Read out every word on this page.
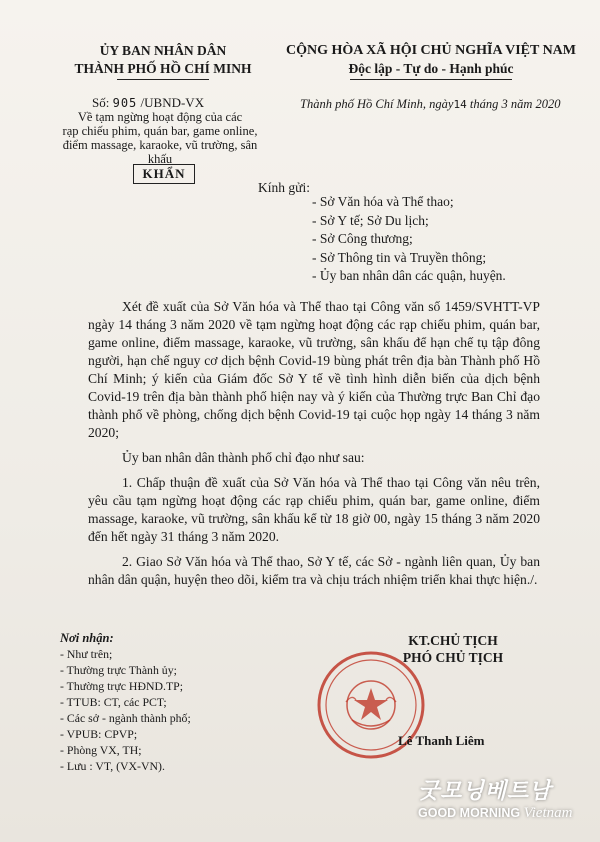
ỦY BAN NHÂN DÂN
THÀNH PHỐ HỒ CHÍ MINH
CỘNG HÒA XÃ HỘI CHỦ NGHĨA VIỆT NAM
Độc lập - Tự do - Hạnh phúc
Số: 905 /UBND-VX
Về tạm ngừng hoạt động của các
rạp chiếu phim, quán bar, game online,
điểm massage, karaoke, vũ trường, sân khấu
Thành phố Hồ Chí Minh, ngày14 tháng 3 năm 2020
KHẨN
Kính gửi:
- Sở Văn hóa và Thể thao;
- Sở Y tế; Sở Du lịch;
- Sở Công thương;
- Sở Thông tin và Truyền thông;
- Ủy ban nhân dân các quận, huyện.

Xét đề xuất của Sở Văn hóa và Thể thao tại Công văn số 1459/SVHTT-VP ngày 14 tháng 3 năm 2020 về tạm ngừng hoạt động các rạp chiếu phim, quán bar, game online, điểm massage, karaoke, vũ trường, sân khấu để hạn chế tụ tập đông người, hạn chế nguy cơ dịch bệnh Covid-19 bùng phát trên địa bàn Thành phố Hồ Chí Minh; ý kiến của Giám đốc Sở Y tế về tình hình diễn biến của dịch bệnh Covid-19 trên địa bàn thành phố hiện nay và ý kiến của Thường trực Ban Chỉ đạo thành phố về phòng, chống dịch bệnh Covid-19 tại cuộc họp ngày 14 tháng 3 năm 2020;

Ủy ban nhân dân thành phố chỉ đạo như sau:

1. Chấp thuận đề xuất của Sở Văn hóa và Thể thao tại Công văn nêu trên, yêu cầu tạm ngừng hoạt động các rạp chiếu phim, quán bar, game online, điểm massage, karaoke, vũ trường, sân khấu kể từ 18 giờ 00, ngày 15 tháng 3 năm 2020 đến hết ngày 31 tháng 3 năm 2020.

2. Giao Sở Văn hóa và Thể thao, Sở Y tế, các Sở - ngành liên quan, Ủy ban nhân dân quận, huyện theo dõi, kiểm tra và chịu trách nhiệm triển khai thực hiện./.

Nơi nhận:
- Như trên;
- Thường trực Thành ủy;
- Thường trực HĐND.TP;
- TTUB: CT, các PCT;
- Các sở - ngành thành phố;
- VPUB: CPVP;
- Phòng VX, TH;
- Lưu : VT, (VX-VN).
KT.CHỦ TỊCH
PHÓ CHỦ TỊCH
Lê Thanh Liêm
굿모닝베트남
GOOD MORNING Vietnam
